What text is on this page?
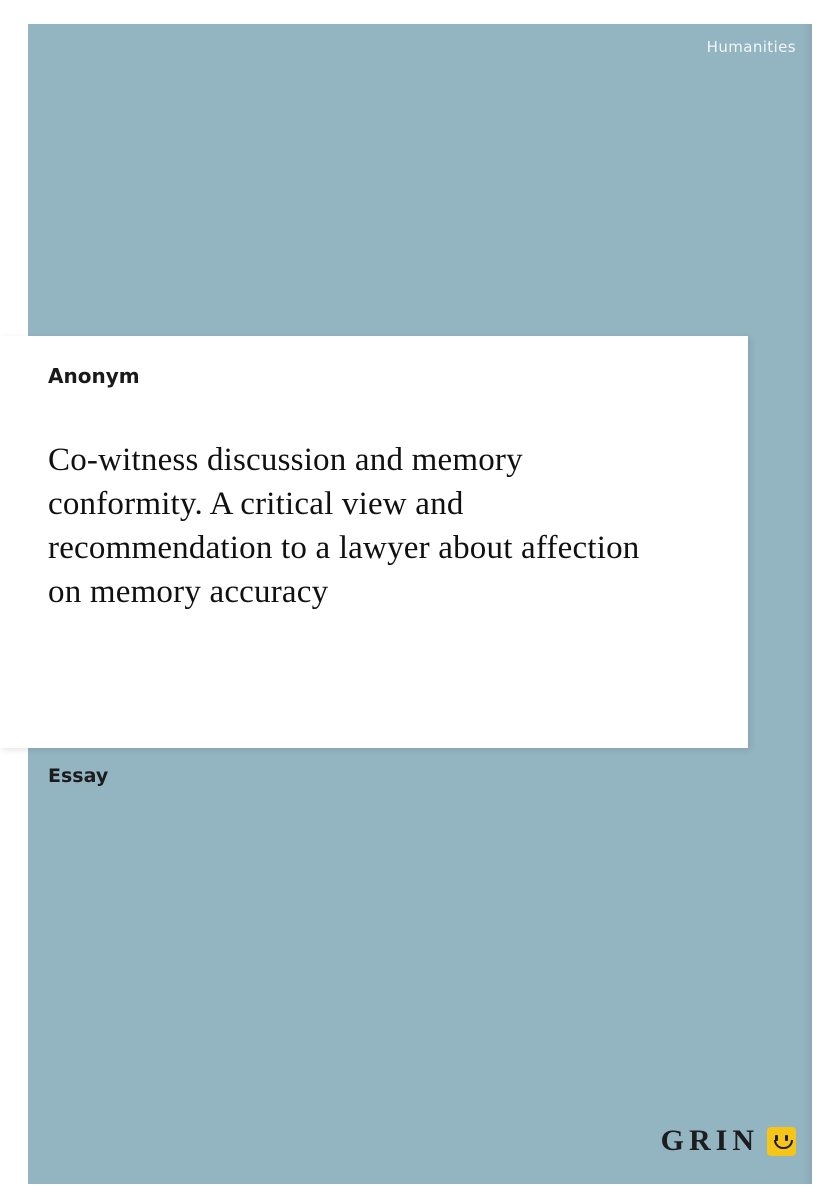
Humanities
Anonym
Co-witness discussion and memory conformity. A critical view and recommendation to a lawyer about affection on memory accuracy
Essay
GRIN
